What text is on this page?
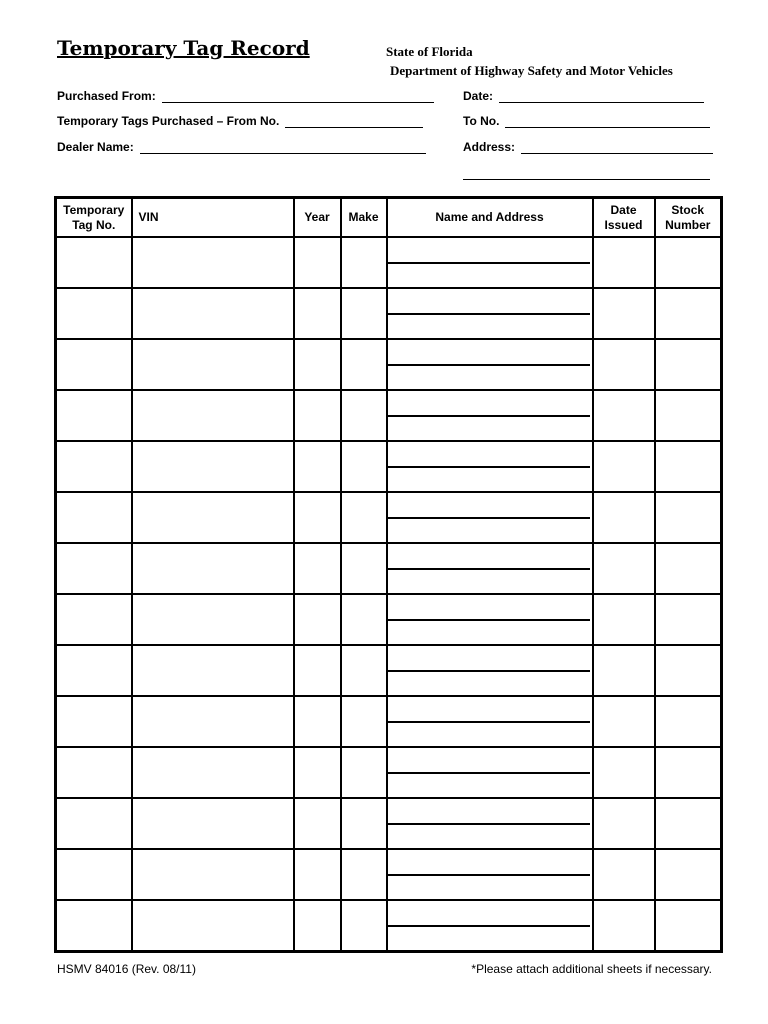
Temporary Tag Record	State of Florida
Department of Highway Safety and Motor Vehicles
Purchased From:
Temporary Tags Purchased – From No.
Dealer Name:
Date:
To No.
Address:
Temporary Tag No.	VIN	Year	Make	Name and Address	Date Issued	Stock Number

HSMV 84016 (Rev. 08/11)	*Please attach additional sheets if necessary.
